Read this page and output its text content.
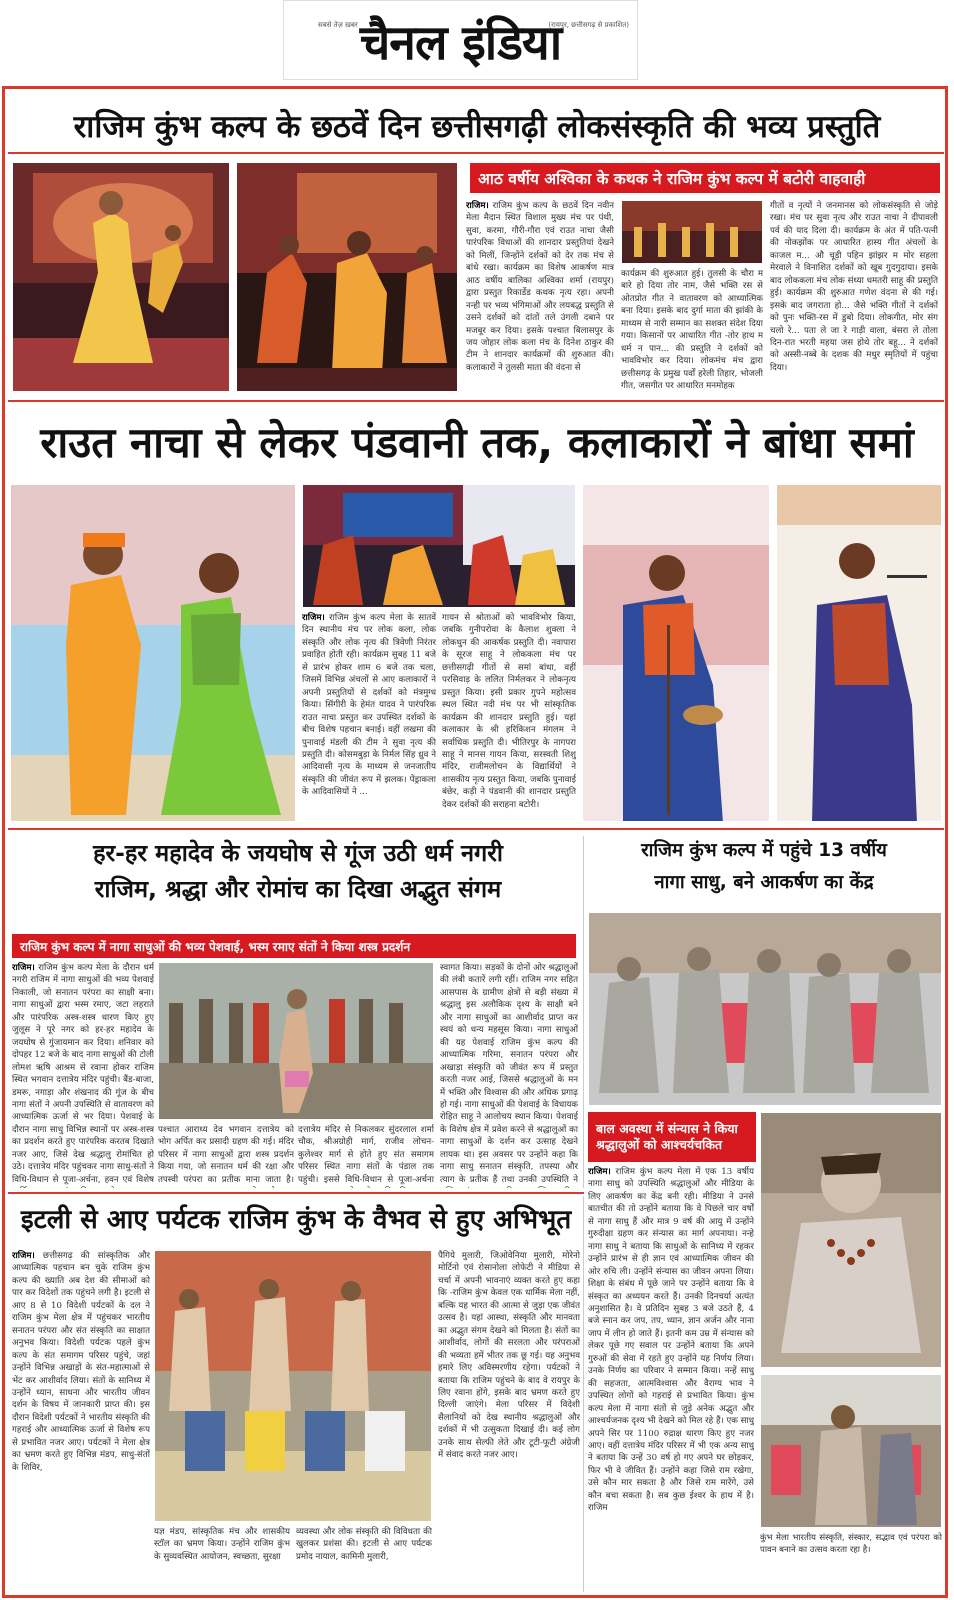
सबसे तेज़ ख़बर चैनल इंडिया
(रायपुर, छत्तीसगढ़ से प्रकाशित)
राजिम कुंभ कल्प के छठवें दिन छत्तीसगढ़ी लोकसंस्कृति की भव्य प्रस्तुति
आठ वर्षीय अश्विका के कथक ने राजिम कुंभ कल्प में बटोरी वाहवाही
राजिम। राजिम कुंभ कल्प के छठवें दिन नवीन मेला मैदान स्थित विशाल मुख्य मंच पर पंथी, सुवा, करमा, गौरी-गौरा एवं राउत नाचा जैसी पारंपरिक विधाओं की शानदार प्रस्तुतियां देखने को मिलीं, जिन्होंने दर्शकों को देर तक मंच से बांधे रखा। कार्यक्रम का विशेष आकर्षण मात्र आठ वर्षीय बालिका अश्विका शर्मा (रायपुर) द्वारा प्रस्तुत रिकार्डेड कथक नृत्य रहा। अपनी नन्ही पर भव्य भंगिमाओं और लयबद्ध प्रस्तुति से उसने दर्शकों को दांतों तले उंगली दबाने पर मजबूर कर दिया। इसके पश्चात बिलासपुर के जय जोहार लोक कला मंच के दिनेश ठाकुर की टीम ने शानदार कार्यक्रमों की शुरुआत की। कलाकारों ने तुलसी माता की वंदना से
कार्यक्रम की शुरुआत हुई। तुलसी के चौरा म बारे हो दिया तोर नाम, जैसे भक्ति रस से ओतप्रोत गीत ने वातावरण को आध्यात्मिक बना दिया। इसके बाद दुर्गा माता की झांकी के माध्यम से नारी सम्मान का सशक्त संदेश दिया गया। किसानों पर आधारित गीत -तोर हाथ म धर्म न पान... की प्रस्तुति ने दर्शकों को भावविभोर कर दिया। लोकमंच मंच द्वारा छत्तीसगढ़ के प्रमुख पर्वों हरेली तिहार, भोजली गीत, जसगीत पर आधारित मनमोहक
गीतों व नृत्यों ने जनमानस को लोकसंस्कृति से जोड़े रखा। मंच पर सुवा नृत्य और राउत नाचा ने दीपावली पर्व की याद दिला दी। कार्यक्रम के अंत में पति-पत्नी की नोकझोंक पर आधारित हास्य गीत अंचलों के काजल म... औ चूड़ी पहिन झांझर म मोर सहला मेरवाले ने विनाशित दर्शकों को खूब गुदगुदाया। इसके बाद लोककला मंच लोक संध्या धमतरी साहू की प्रस्तुति हुई। कार्यक्रम की शुरुआत गणेश वंदना से की गई। इसके बाद जगराता हो... जैसे भक्ति गीतों ने दर्शकों को पुनः भक्ति-रस में डुबो दिया। लोकगीत, मोर संग चलो रे... पता ले जा रे गाड़ी वाला, बंसरा ले तोला दिन-रात भरती महया जस होथे तोर बहू... ने दर्शकों को अस्सी-नब्बे के दशक की मधुर स्मृतियों में पहुंचा दिया।
राउत नाचा से लेकर पंडवानी तक, कलाकारों ने बांधा समां
राजिम। राजिम कुंभ कल्प मेला के सातवें दिन स्थानीय मंच पर लोक कला, लोक संस्कृति और लोक नृत्य की त्रिवेणी निरंतर प्रवाहित होती रही। कार्यक्रम सुबह 11 बजे से प्रारंभ होकर शाम 6 बजे तक चला, जिसमें विभिन्न अंचलों से आए कलाकारों ने अपनी प्रस्तुतियों से दर्शकों को मंत्रमुग्ध किया। सिंगीरी के हेमंत यादव ने पारंपरिक राउत नाचा प्रस्तुत कर उपस्थित दर्शकों के बीच विशेष पहचान बनाई। वहीं लखमा की पुनावाई मंडली की टीम ने सुवा नृत्य की प्रस्तुति दी। कोसमबुड़ा के निर्मल सिंह ध्रुव ने आदिवासी नृत्य के माध्यम से जनजातीय संस्कृति की जीवंत रूप में झलक। पेंड्राकला के आदिवासियों ने ...
गायन से श्रोताओं को भावविभोर किया, जबकि गुनीपरोवा के कैलाश शुक्ला ने लोकधुन की आकर्षक प्रस्तुति दी। नवापारा के सूरज साहू ने लोककला मंच पर छत्तीसगढ़ी गीतों से समां बांधा, वहीं परसिवाड़ के ललित निर्मलकर ने लोकनृत्य प्रस्तुत किया। इसी प्रकार गुपने महोत्सव स्थल स्थित नदी मंच पर भी सांस्कृतिक कार्यक्रम की शानदार प्रस्तुति हुई। यहां कलाकार के श्री हरिकिशन मंगलम ने सर्वाधिक प्रस्तुति दी। भीतिरपुर के नागपरा साहू ने मानस गायन किया, सरस्वती शिशु मंदिर, राजीमलोचन के विद्यार्थियों ने शासकीय नृत्य प्रस्तुत किया, जबकि पुनावाई बंछेर, कड़ी ने पंडवानी की शानदार प्रस्तुति देकर दर्शकों की सराहना बटोरी।
हर-हर महादेव के जयघोष से गूंज उठी धर्म नगरी
राजिम, श्रद्धा और रोमांच का दिखा अद्भुत संगम
राजिम कुंभ कल्प में नागा साधुओं की भव्य पेशवाई, भस्म रमाए संतों ने किया शस्त्र प्रदर्शन
राजिम। राजिम कुंभ कल्प मेला के दौरान धर्म नगरी राजिम में नागा साधुओं की भव्य पेशवाई निकाली, जो सनातन परंपरा का साक्षी बना। नागा साधुओं द्वारा भस्म रमाए, जटा लहराते और पारंपरिक अस्त्र-शस्त्र धारण किए हुए जुलूस ने पूरे नगर को हर-हर महादेव के जयघोष से गुंजायमान कर दिया। शनिवार को दोपहर 12 बजे के बाद नागा साधुओं की टोली लोमश ऋषि आश्रम से रवाना होकर राजिम स्थित भगवान दत्तात्रेय मंदिर पहुंची। बैंड-बाजा, डमरू, नगाड़ा और शंखनाद की गूंज के बीच नागा संतों ने अपनी उपस्थिति से वातावरण को आध्यात्मिक ऊर्जा से भर दिया। पेशवाई के दौरान नागा साधु विभिन्न स्थानों पर अस्त्र-शस्त्र का प्रदर्शन करते हुए पारंपरिक करतब दिखाते नजर आए, जिसे देख श्रद्धालु रोमांचित हो उठे। दत्तात्रेय मंदिर पहुंचकर नागा साधु-संतों ने विधि-विधान से पूजा-अर्चना, हवन एवं विशेष
पश्चात आराध्य देव भगवान दत्तात्रेय को भोग अर्पित कर प्रसादी ग्रहण की गई। मंदिर परिसर में नागा साधुओं द्वारा शस्त्र प्रदर्शन किया गया, जो सनातन धर्म की रक्षा और तपस्वी परंपरा का प्रतीक माना जाता है।
दत्तात्रेय मंदिर से निकलकर सुंदरलाल शर्मा चौक, श्रीअग्रोही मार्ग, राजीव लोचन-कुलेश्वर मार्ग से होते हुए संत समागम परिसर स्थित नागा संतों के पंडाल तक पहुंची। इससे विधि-विधान से पूजा-अर्चना
स्वागत किया। सड़कों के दोनों ओर श्रद्धालुओं की लंबी कतारें लगी रहीं। राजिम नगर सहित आसपास के ग्रामीण क्षेत्रों से बड़ी संख्या में श्रद्धालु इस अलौकिक दृश्य के साक्षी बने और नागा साधुओं का आशीर्वाद प्राप्त कर स्वयं को धन्य महसूस किया। नागा साधुओं की यह पेशवाई राजिम कुंभ कल्प की आध्यात्मिक गरिमा, सनातन परंपरा और अखाड़ा संस्कृति को जीवंत रूप में प्रस्तुत करती नजर आई, जिससे श्रद्धालुओं के मन में भक्ति और विश्वास की और अधिक प्रगाढ़ हो गई। नागा साधुओं की पेशवाई के विधायक रोहित साहू ने आलोचय स्थान किया। पेशवाई के विशेष क्षेत्र में प्रवेश करने से श्रद्धालुओं का नागा साधुओं के दर्शन कर उत्साह देखने लायक था। इस अवसर पर उन्होंने कहा कि नागा साधु सनातन संस्कृति, तपस्या और त्याग के प्रतीक हैं तथा उनकी उपस्थिति ने
राजिम कुंभ कल्प में पहुंचे 13 वर्षीय
नागा साधु, बने आकर्षण का केंद्र
बाल अवस्था में संन्यास ने किया श्रद्धालुओं को आश्चर्यचकित
राजिम। राजिम कुंभ कल्प मेला में एक 13 वर्षीय नागा साधु को उपस्थिति श्रद्धालुओं और मीडिया के लिए आकर्षण का केंद्र बनी रही। मीडिया ने उनसे बातचीत की तो उन्होंने बताया कि वे पिछले चार वर्षों से नागा साधु हैं और मात्र 9 वर्ष की आयु में उन्होंने गुरुदीक्षा ग्रहण कर संन्यास का मार्ग अपनाया। नन्हे नागा साधु ने बताया कि साधुओं के सानिध्य में रहकर उन्होंने प्रारंभ से ही ज्ञान एवं आध्यात्मिक जीवन की ओर रुचि ली। उन्होंने संन्यास का जीवन अपना लिया। शिक्षा के संबंध में पूछे जाने पर उन्होंने बताया कि वे संस्कृत का अध्ययन करते हैं। उनकी दिनचर्या अत्यंत अनुशासित है। वे प्रतिदिन सुबह 3 बजे उठते हैं, 4 बजे स्नान कर जप, तप, ध्यान, ज्ञान अर्जन और नाना जाप में लीन हो जाते हैं। इतनी कम उम्र में संन्यास को लेकर पूछे गए सवाल पर उन्होंने बताया कि अपने गुरुओं की सेवा में रहते हुए उन्होंने यह निर्णय लिया। उनके निर्णय का परिवार ने सम्मान किया। नन्हें साधु की सहजता, आत्मविश्वास और वैराग्य भाव ने उपस्थित लोगों को गहराई से प्रभावित किया। कुंभ कल्प मेला में नागा संतों से जुड़े अनेक अद्भुत और आश्चर्यजनक दृश्य भी देखने को मिल रहे हैं। एक साधु अपने सिर पर 1100 रुद्राक्ष धारण किए हुए नजर आए। वहीं दत्तात्रेय मंदिर परिसर में भी एक अन्य साधु ने बताया कि उन्हें 30 वर्ष हो गए अपने घर छोड़कर, फिर भी वे जीवित हैं। उन्होंने कहा जिसे राम रखेगा, उसे कौन मार सकता है और जिसे राम मारेंगे, उसे कौन बचा सकता है। सब कुछ ईश्वर के हाथ में है। राजिम
कुंभ मेला भारतीय संस्कृति, संस्कार, सद्भाव एवं परंपरा को पावन बनाने का उत्सव करता रहा है।
इटली से आए पर्यटक राजिम कुंभ के वैभव से हुए अभिभूत
राजिम। छत्तीसगढ़ की सांस्कृतिक और आध्यात्मिक पहचान बन चुके राजिम कुंभ कल्प की ख्याति अब देश की सीमाओं को पार कर विदेशों तक पहुंचने लगी है। इटली से आए 8 से 10 विदेशी पर्यटकों के दल ने राजिम कुंभ मेला क्षेत्र में पहुंचकर भारतीय सनातन परंपरा और संत संस्कृति का साक्षात अनुभव किया। विदेशी पर्यटक पहले कुंभ कल्प के संत समागम परिसर पहुंचे, जहां उन्होंने विभिन्न अखाड़ों के संत-महात्माओं से भेंट कर आशीर्वाद लिया। संतों के सानिध्य में उन्होंने ध्यान, साधना और भारतीय जीवन दर्शन के विषय में जानकारी प्राप्त की। इस दौरान विदेशी पर्यटकों ने भारतीय संस्कृति की गहराई और आध्यात्मिक ऊर्जा से विशेष रूप से प्रभावित नजर आए। पर्यटकों ने मेला क्षेत्र का भ्रमण करते हुए विभिन्न मंडप, साधु-संतों के शिविर,
यज्ञ मंडप, सांस्कृतिक मंच और शासकीय स्टॉल का भ्रमण किया। उन्होंने राजिम कुंभ के सुव्यवस्थित आयोजन, स्वच्छता, सुरक्षा
व्यवस्था और लोक संस्कृति की विविधता की खुलकर प्रशंसा की। इटली से आए पर्यटक प्रमोद नायाल, कामिनी मुलारी,
पैगिये मुलारी, जिओवेनिया मुलारी, मोरेनो मोर्टिनो एवं रोसानोला लोफेटी ने मीडिया से चर्चा में अपनी भावनाएं व्यक्त करते हुए कहा कि -राजिम कुंभ केवल एक धार्मिक मेला नहीं, बल्कि यह भारत की आत्मा से जुड़ा एक जीवंत उत्सव है। यहां आस्था, संस्कृति और मानवता का अद्भुत संगम देखने को मिलता है। संतों का आशीर्वाद, लोगों की सरलता और परंपराओं की भव्यता हमें भीतर तक छू गई। यह अनुभव हमारे लिए अविस्मरणीय रहेगा। पर्यटकों ने बताया कि राजिम पहुंचने के बाद वे रायपुर के लिए रवाना होंगे, इसके बाद भ्रमण करते हुए दिल्ली जाएंगे। मेला परिसर में विदेशी सैलानियों को देख स्थानीय श्रद्धालुओं और दर्शकों में भी उत्सुकता दिखाई दी। कई लोग उनके साथ सेल्फी लेते और टूटी-फूटी अंग्रेजी में संवाद करते नजर आए।
